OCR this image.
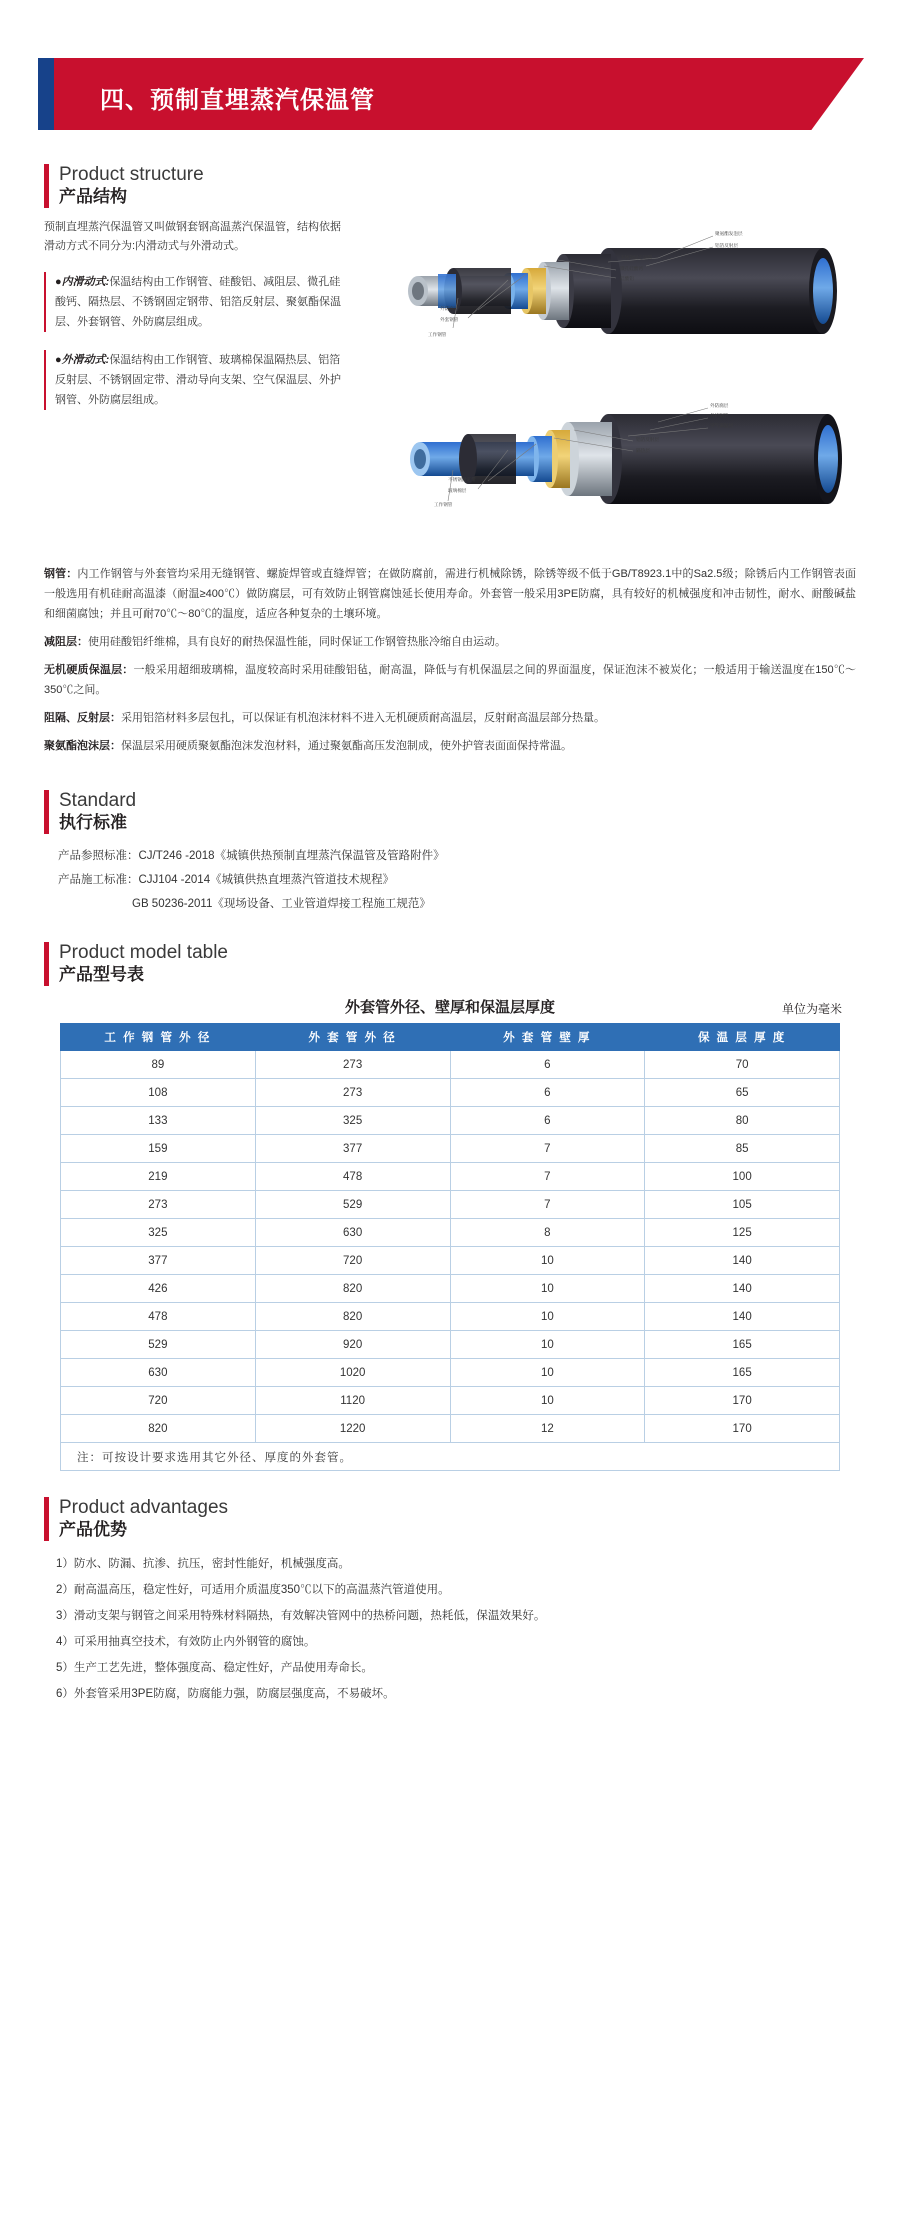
四、预制直埋蒸汽保温管
Product structure
产品结构

预制直埋蒸汽保温管又叫做钢套钢高温蒸汽保温管，结构依据滑动方式不同分为:内滑动式与外滑动式。

●内滑动式:保温结构由工作钢管、硅酸铝、减阻层、微孔硅酸钙、隔热层、不锈钢固定钢带、铝箔反射层、聚氨酯保温层、外套钢管、外防腐层组成。

●外滑动式:保温结构由工作钢管、玻璃棉保温隔热层、铝箔反射层、不锈钢固定带、滑动导向支架、空气保温层、外护钢管、外防腐层组成。

聚氨酯发泡层
铝箔反射层
不锈钢固定钢带
微孔硅酸钙
硅酸铝
外防腐层
外套钢管
工作钢管
外防腐层
外护钢管
空气保温层
铝箔反射层
隔热层
不锈钢固定带
玻璃棉层
工作钢管

钢管：内工作钢管与外套管均采用无缝钢管、螺旋焊管或直缝焊管；在做防腐前，需进行机械除锈，除锈等级不低于GB/T8923.1中的Sa2.5级；除锈后内工作钢管表面一般选用有机硅耐高温漆（耐温≥400℃）做防腐层，可有效防止钢管腐蚀延长使用寿命。外套管一般采用3PE防腐，具有较好的机械强度和冲击韧性，耐水、耐酸碱盐和细菌腐蚀；并且可耐70℃～80℃的温度，适应各种复杂的土壤环境。

减阻层：使用硅酸铝纤维棉，具有良好的耐热保温性能，同时保证工作钢管热胀冷缩自由运动。

无机硬质保温层：一般采用超细玻璃棉，温度较高时采用硅酸铝毡，耐高温，降低与有机保温层之间的界面温度，保证泡沫不被炭化；一般适用于输送温度在150℃～350℃之间。

阻隔、反射层：采用铝箔材料多层包扎，可以保证有机泡沫材料不进入无机硬质耐高温层，反射耐高温层部分热量。

聚氨酯泡沫层：保温层采用硬质聚氨酯泡沫发泡材料，通过聚氨酯高压发泡制成，使外护管表面面保持常温。

Standard
执行标准

产品参照标准：CJ/T246 -2018《城镇供热预制直埋蒸汽保温管及管路附件》

产品施工标准：CJJ104 -2014《城镇供热直埋蒸汽管道技术规程》

GB 50236-2011《现场设备、工业管道焊接工程施工规范》

Product model table
产品型号表
外套管外径、壁厚和保温层厚度	单位为毫米
工 作 钢 管 外 径	外 套 管 外 径	外 套 管 壁 厚	保 温 层 厚 度
89	273	6	70
108	273	6	65
133	325	6	80
159	377	7	85
219	478	7	100
273	529	7	105
325	630	8	125
377	720	10	140
426	820	10	140
478	820	10	140
529	920	10	165
630	1020	10	165
720	1120	10	170
820	1220	12	170
注：可按设计要求选用其它外径、厚度的外套管。			
Product advantages
产品优势

1）防水、防漏、抗渗、抗压，密封性能好，机械强度高。

2）耐高温高压，稳定性好，可适用介质温度350℃以下的高温蒸汽管道使用。

3）滑动支架与钢管之间采用特殊材料隔热，有效解决管网中的热桥问题，热耗低，保温效果好。

4）可采用抽真空技术，有效防止内外钢管的腐蚀。

5）生产工艺先进，整体强度高、稳定性好，产品使用寿命长。

6）外套管采用3PE防腐，防腐能力强，防腐层强度高，不易破坏。
